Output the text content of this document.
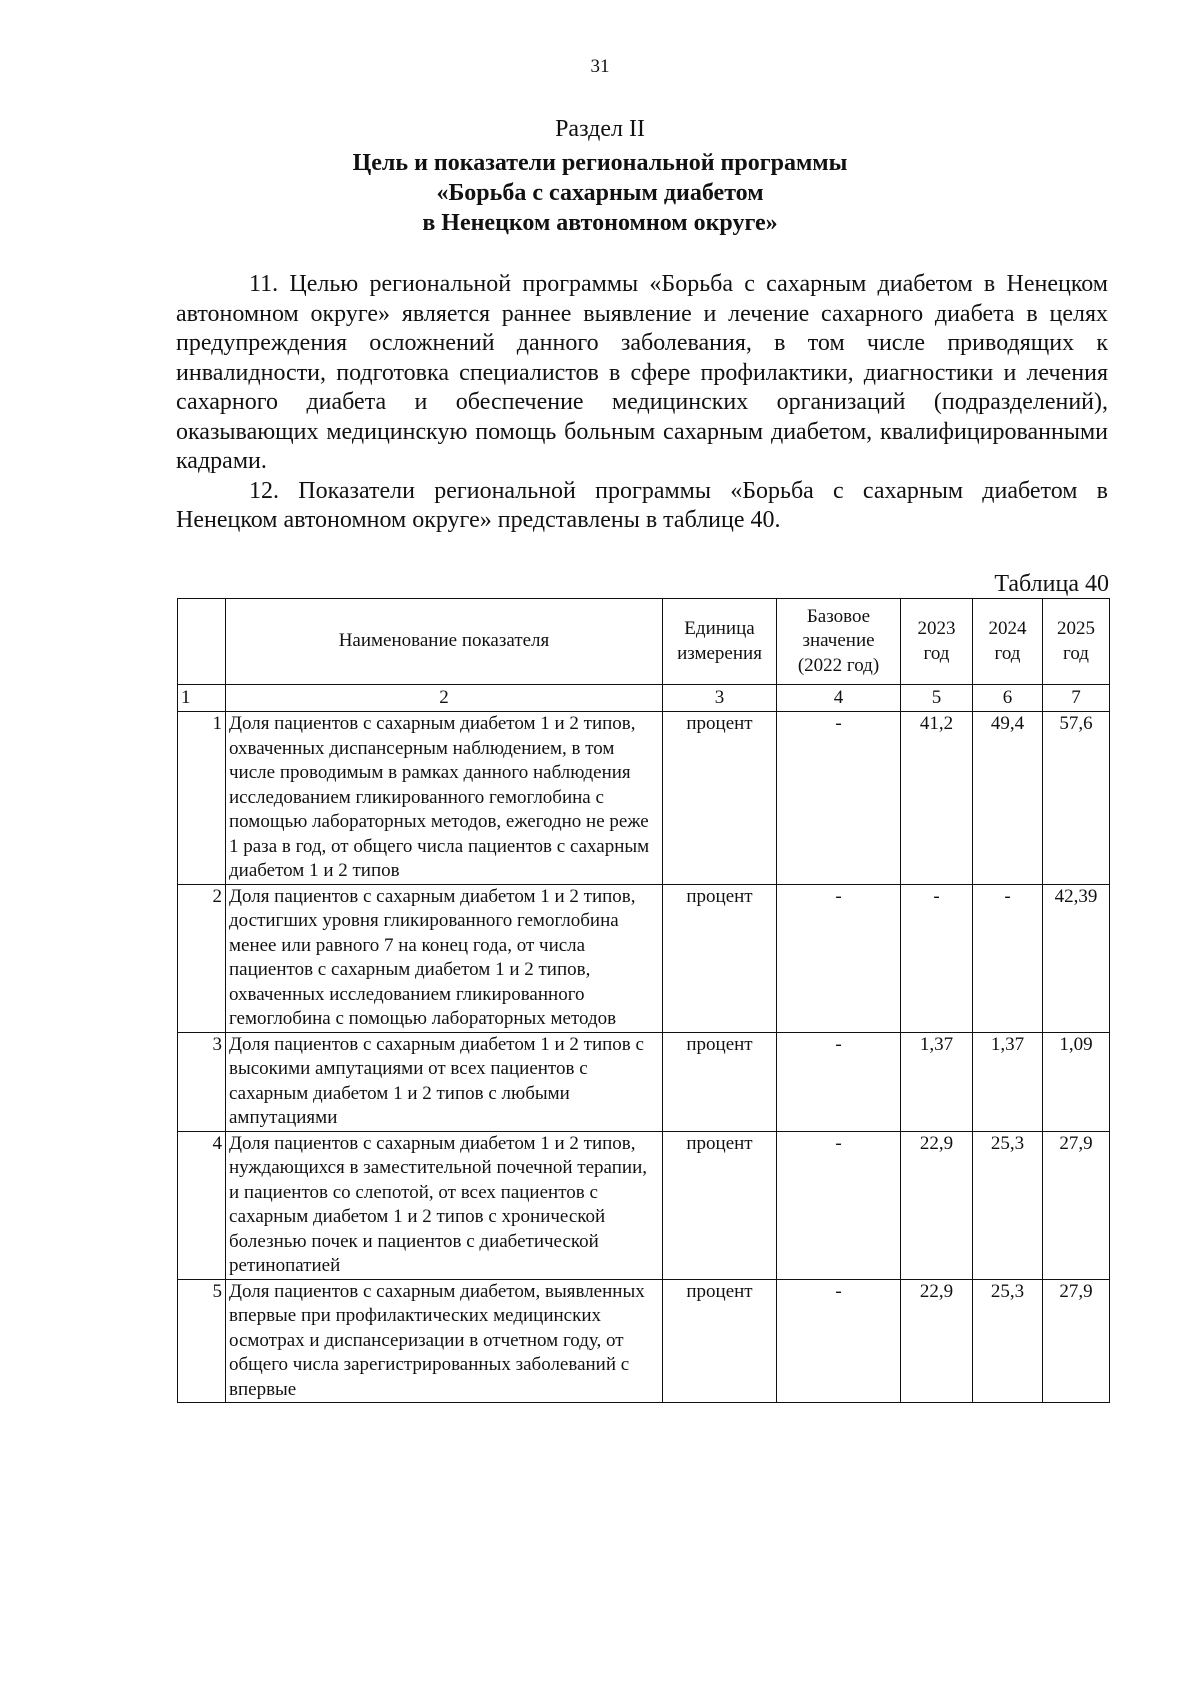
31
Раздел II
Цель и показатели региональной программы
«Борьба с сахарным диабетом
в Ненецком автономном округе»

11. Целью региональной программы «Борьба с сахарным диабетом в Ненецком автономном округе» является раннее выявление и лечение сахарного диабета в целях предупреждения осложнений данного заболевания, в том числе приводящих к инвалидности, подготовка специалистов в сфере профилактики, диагностики и лечения сахарного диабета и обеспечение медицинских организаций (подразделений), оказывающих медицинскую помощь больным сахарным диабетом, квалифицированными кадрами.

12. Показатели региональной программы «Борьба с сахарным диабетом в Ненецком автономном округе» представлены в таблице 40.

Таблица 40
	Наименование показателя	Единица измерения	Базовое значение (2022 год)	2023 год	2024 год	2025 год
1	2	3	4	5	6	7
1	Доля пациентов с сахарным диабетом 1 и 2 типов, охваченных диспансерным наблюдением, в том числе проводимым в рамках данного наблюдения исследованием гликированного гемоглобина с помощью лабораторных методов, ежегодно не реже 1 раза в год, от общего числа пациентов с сахарным диабетом 1 и 2 типов	процент	-	41,2	49,4	57,6
2	Доля пациентов с сахарным диабетом 1 и 2 типов, достигших уровня гликированного гемоглобина менее или равного 7 на конец года, от числа пациентов с сахарным диабетом 1 и 2 типов, охваченных исследованием гликированного гемоглобина с помощью лабораторных методов	процент	-	-	-	42,39
3	Доля пациентов с сахарным диабетом 1 и 2 типов с высокими ампутациями от всех пациентов с сахарным диабетом 1 и 2 типов с любыми ампутациями	процент	-	1,37	1,37	1,09
4	Доля пациентов с сахарным диабетом 1 и 2 типов, нуждающихся в заместительной почечной терапии, и пациентов со слепотой, от всех пациентов с сахарным диабетом 1 и 2 типов с хронической болезнью почек и пациентов с диабетической ретинопатией	процент	-	22,9	25,3	27,9
5	Доля пациентов с сахарным диабетом, выявленных впервые при профилактических медицинских осмотрах и диспансеризации в отчетном году, от общего числа зарегистрированных заболеваний с впервые	процент	-	22,9	25,3	27,9
